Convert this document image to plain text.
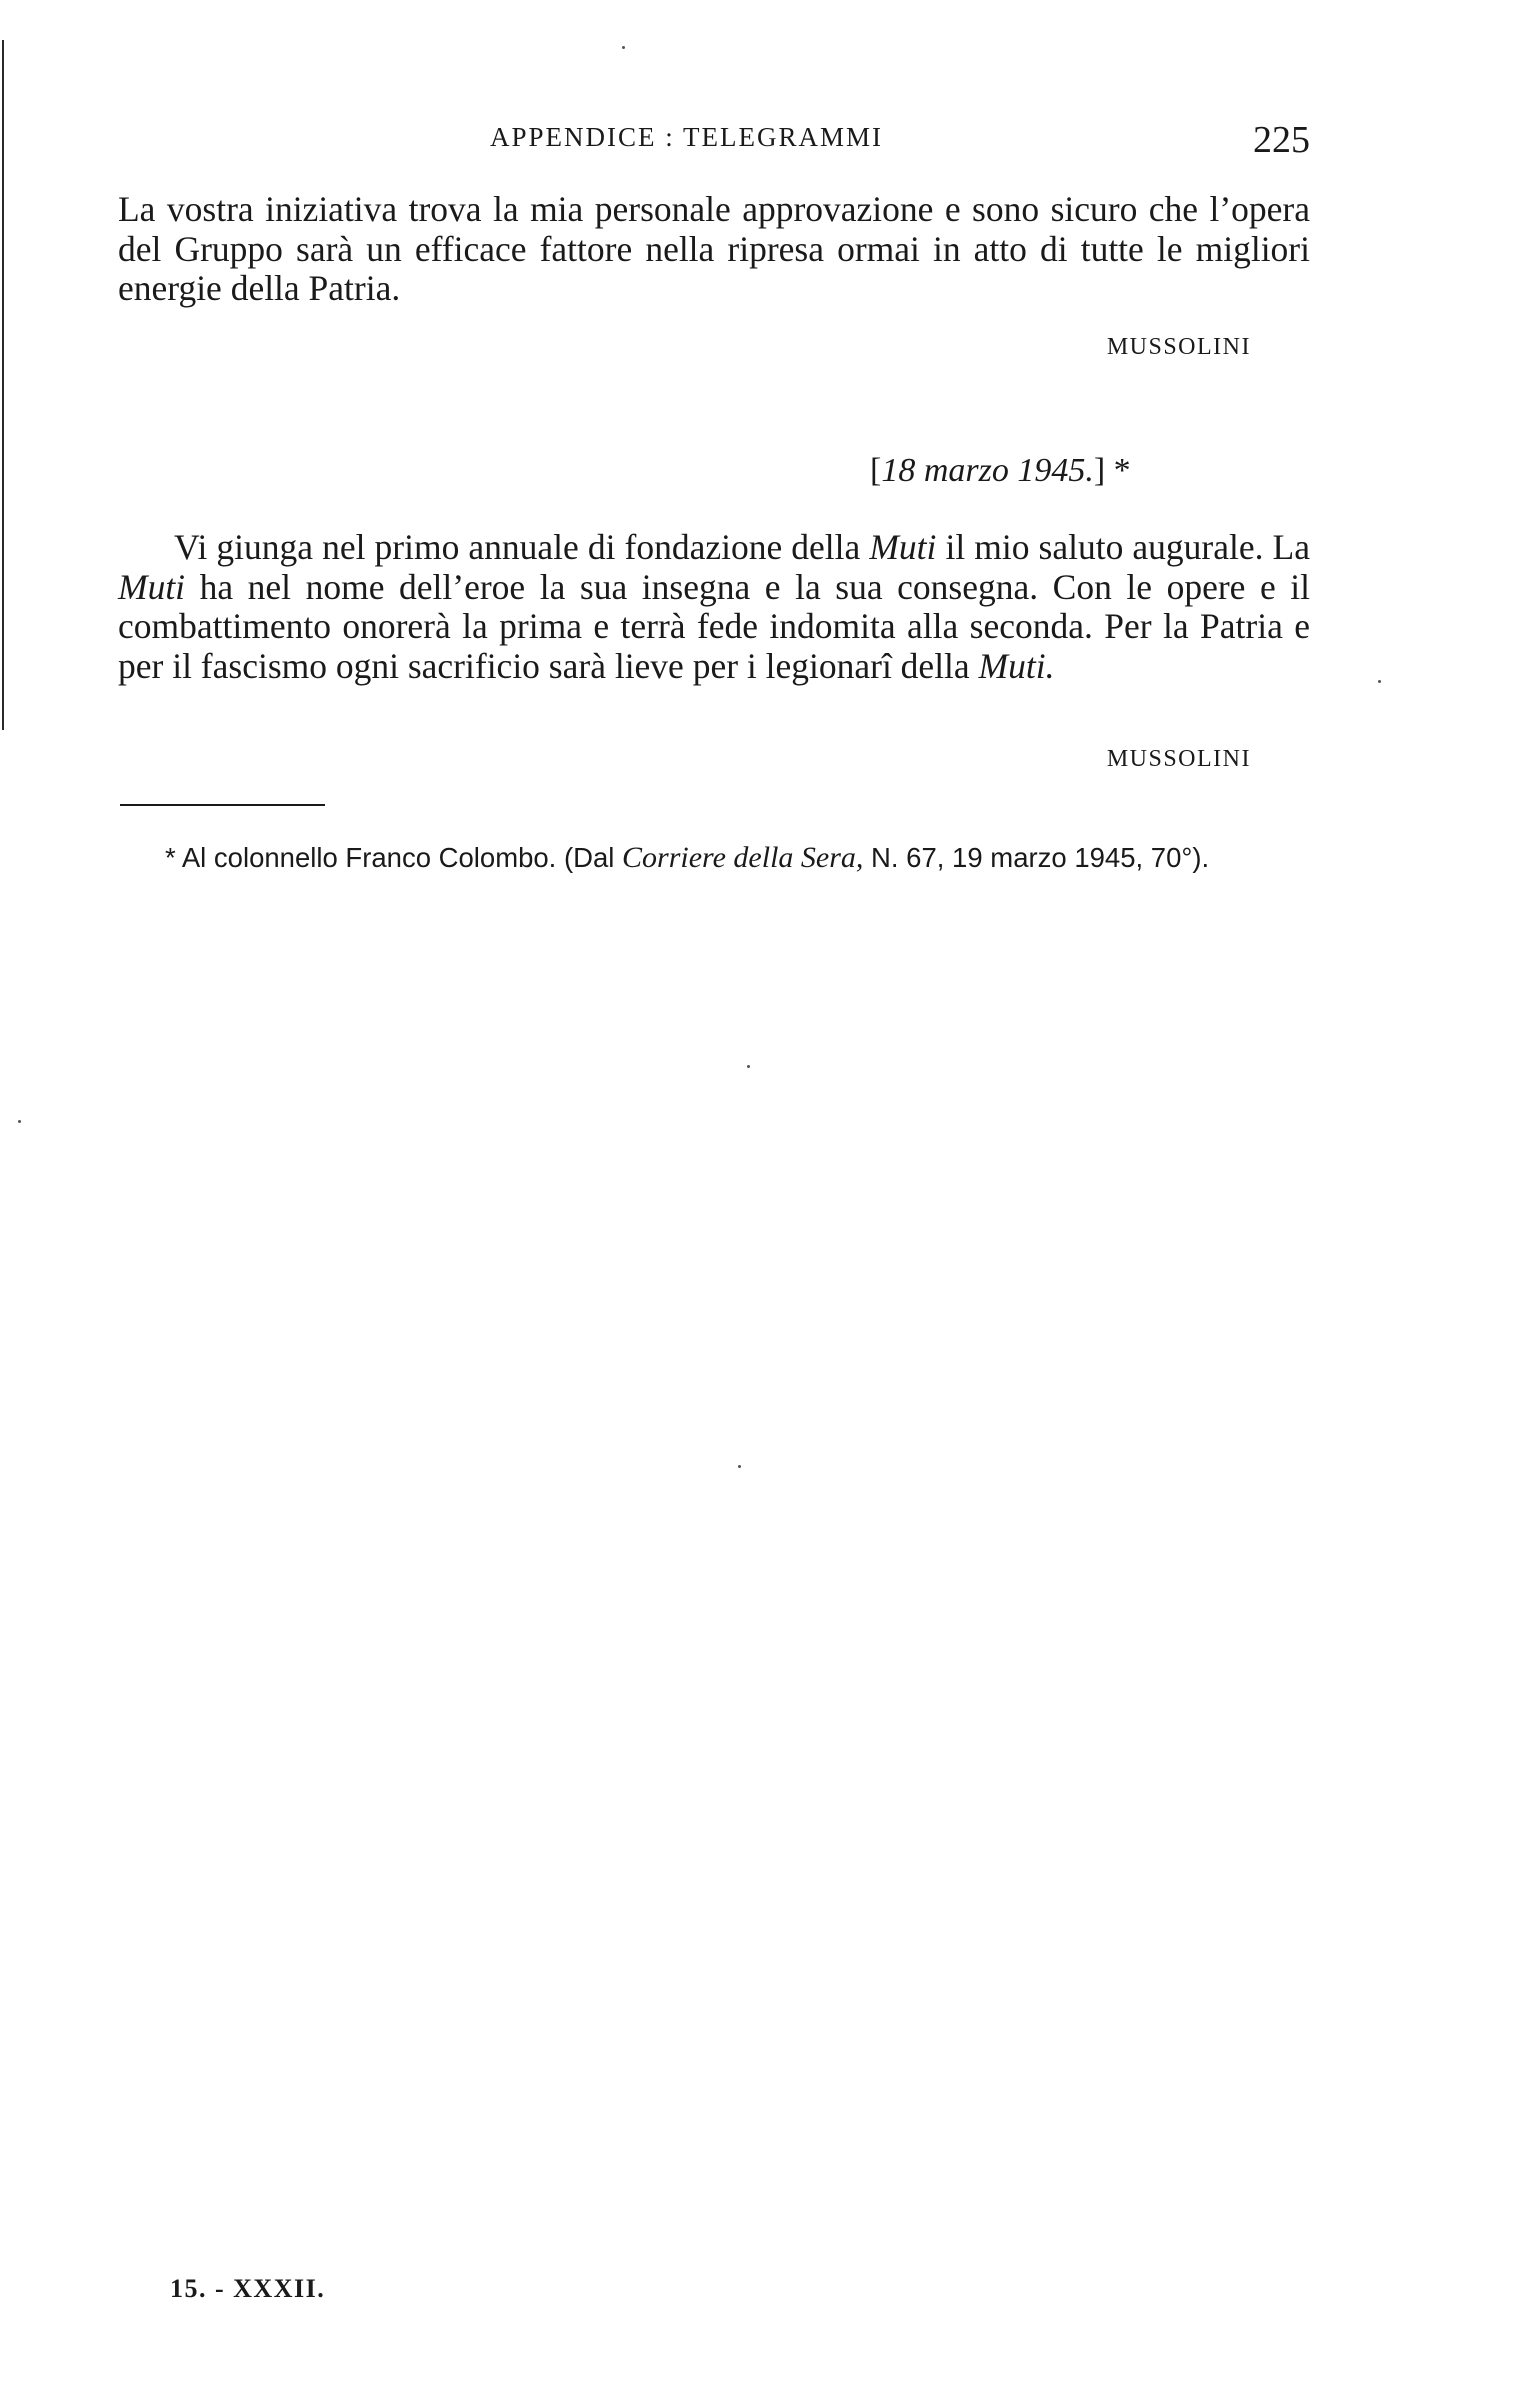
APPENDICE : TELEGRAMMI	225

La vostra iniziativa trova la mia personale approvazione e sono sicuro che l’opera del Gruppo sarà un efficace fattore nella ripresa ormai in atto di tutte le migliori energie della Patria.

MUSSOLINI
[18 marzo 1945.] *

Vi giunga nel primo annuale di fondazione della Muti il mio saluto augurale. La Muti ha nel nome dell’eroe la sua insegna e la sua consegna. Con le opere e il combattimento onorerà la prima e terrà fede indomita alla seconda. Per la Patria e per il fascismo ogni sacrificio sarà lieve per i legionarî della Muti.

MUSSOLINI

* Al colonnello Franco Colombo. (Dal Corriere della Sera, N. 67, 19 marzo 1945, 70°).

15. - XXXII.
